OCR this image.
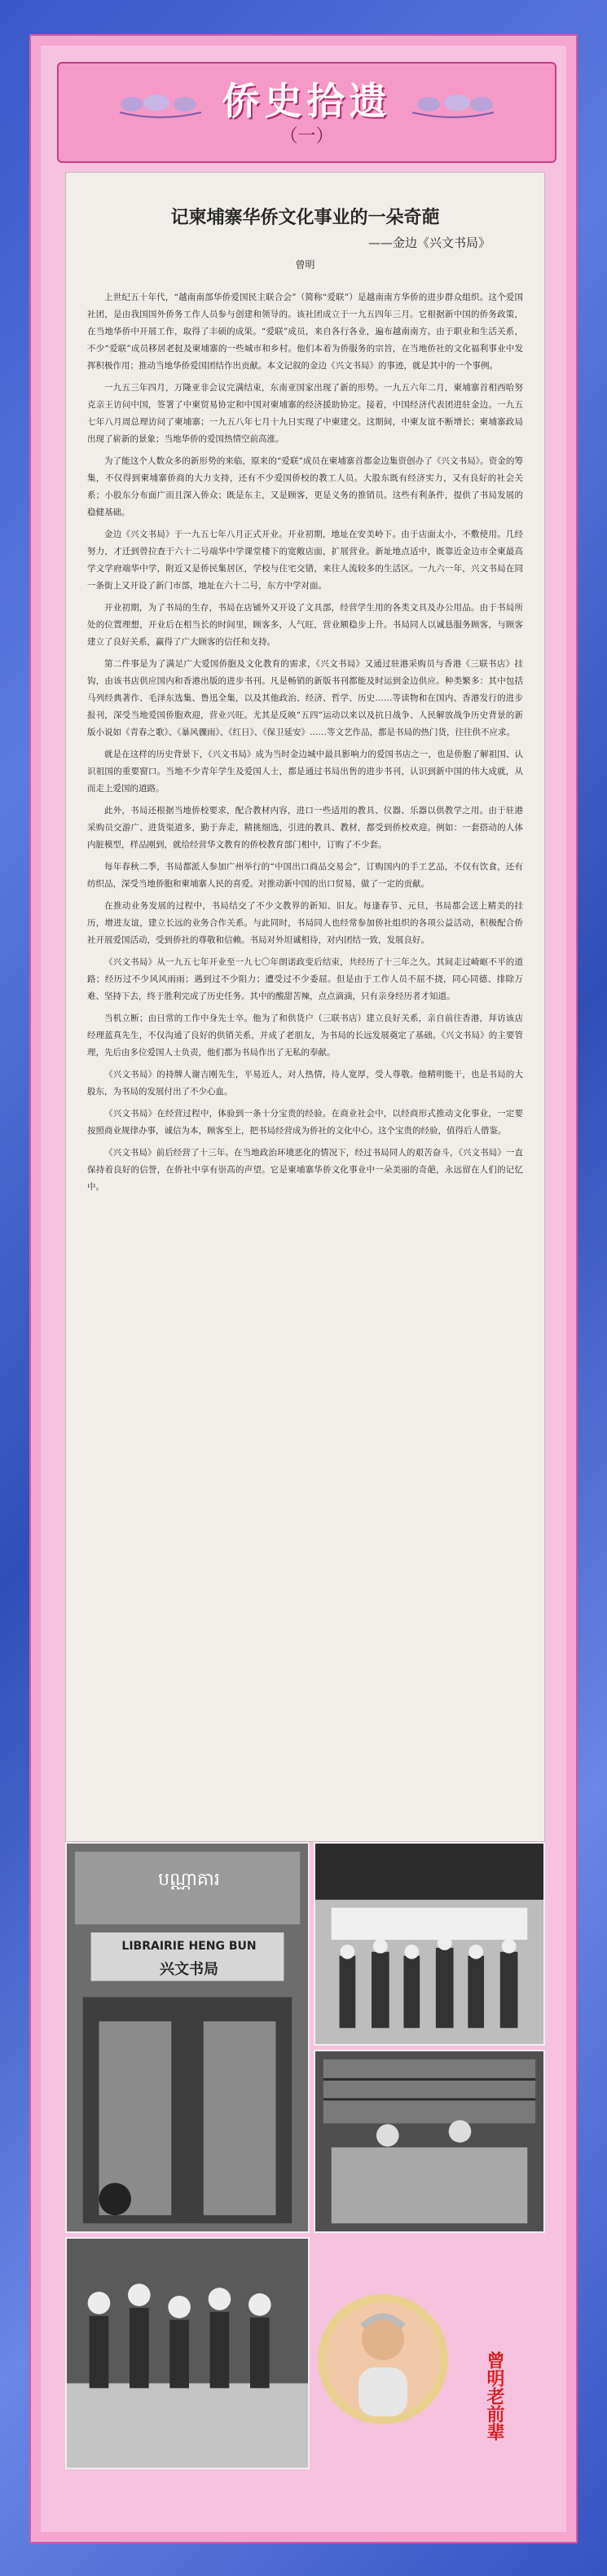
侨史拾遗
（一）
记柬埔寨华侨文化事业的一朵奇葩
——金边《兴文书局》
曾明

上世纪五十年代，“越南南部华侨爱国民主联合会”（简称“爱联”）是越南南方华侨的进步群众组织。这个爱国社团，是由我国国外侨务工作人员参与创建和领导的。该社团成立于一九五四年三月。它根据新中国的侨务政策，在当地华侨中开展工作，取得了丰硕的成果。“爱联”成员，来自各行各业，遍布越南南方。由于职业和生活关系，不少“爱联”成员移居老挝及柬埔寨的一些城市和乡村。他们本着为侨服务的宗旨，在当地侨社的文化福利事业中发挥积极作用；推动当地华侨爱国团结作出贡献。本文记叙的金边《兴文书局》的事迹，就是其中的一个事例。

一九五三年四月，万隆亚非会议完满结束，东南亚国家出现了新的形势。一九五六年二月，柬埔寨首相西哈努克亲王访问中国，签署了中柬贸易协定和中国对柬埔寨的经济援助协定。接着，中国经济代表团进驻金边。一九五七年八月周总理访问了柬埔寨；一九五八年七月十九日实现了中柬建交。这期间，中柬友谊不断增长；柬埔寨政局出现了崭新的景象；当地华侨的爱国热情空前高涨。

为了能这个人数众多的新形势的来临，原来的“爱联”成员在柬埔寨首都金边集资创办了《兴文书局》。资金的筹集，不仅得到柬埔寨侨商的大力支持，还有不少爱国侨校的教工人员。大股东既有经济实力，又有良好的社会关系；小股东分布面广而且深入侨众；既是东主，又是顾客，更是义务的推销员。这些有利条件，提供了书局发展的稳健基础。

金边《兴文书局》于一九五七年八月正式开业。开业初期，地址在安美岭下。由于店面太小，不敷使用。几经努力，才迁到曾拉查于六十二号端华中学课堂楼下的宽敞店面，扩展营业。新址地点适中，既靠近金边市全柬最高学文学府端华中学，附近又是侨民集居区，学校与住宅交错，来往人流较多的生活区。一九六一年，兴文书局在同一条街上又开设了新门市部，地址在六十二号，东方中学对面。

开业初期，为了书局的生存，书局在店铺外又开设了文具部，经营学生用的各类文具及办公用品。由于书局所处的位置理想，开业后在相当长的时间里，顾客多，人气旺，营业额稳步上升。书局同人以诚恳服务顾客，与顾客建立了良好关系，赢得了广大顾客的信任和支持。

第二件事是为了满足广大爱国侨胞及文化教育的需求，《兴文书局》又通过驻港采购员与香港《三联书店》挂钩，由该书店供应国内和香港出版的进步书刊。凡是畅销的新版书刊都能及时运到金边供应。种类繁多：其中包括马列经典著作、毛泽东选集、鲁迅全集，以及其他政治、经济、哲学、历史……等读物和在国内、香港发行的进步报刊，深受当地爱国侨胞欢迎，营业兴旺。尤其是反映“五四”运动以来以及抗日战争、人民解放战争历史背景的新版小说如《青春之歌》、《暴风骤雨》、《红日》、《保卫延安》……等文艺作品，都是书局的热门货，往往供不应求。

就是在这样的历史背景下，《兴文书局》成为当时金边城中最具影响力的爱国书店之一，也是侨胞了解祖国、认识祖国的重要窗口。当地不少青年学生及爱国人士，都是通过书局出售的进步书刊，认识到新中国的伟大成就，从而走上爱国的道路。

此外，书局还根据当地侨校要求，配合教材内容，进口一些适用的教具、仪器、乐器以供教学之用。由于驻港采购员交游广、进货渠道多，勤于奔走，精挑细选，引进的教具、教材，都受到侨校欢迎。例如：一套搭动的人体内脏模型，样品刚到，就给经营华文教育的侨校教育部门相中，订购了不少套。

每年春秋二季，书局都派人参加广州举行的“中国出口商品交易会”，订购国内的手工艺品，不仅有饮食，还有纺织品，深受当地侨胞和柬埔寨人民的喜爱。对推动新中国的出口贸易，做了一定的贡献。

在推动业务发展的过程中，书局结交了不少文教界的新知、旧友。每逢春节、元旦，书局都会送上精美的挂历，增进友谊，建立长远的业务合作关系。与此同时，书局同人也经常参加侨社组织的各项公益活动，积极配合侨社开展爱国活动，受到侨社的尊敬和信赖。书局对外坦诚相待，对内团结一致，发展良好。

《兴文书局》从一九五七年开业至一九七〇年朗诺政变后结束，共经历了十三年之久。其间走过崎岖不平的道路；经历过不少风风雨雨；遇到过不少阻力；遭受过不少委屈。但是由于工作人员不屈不挠，同心同德、排除万难、坚持下去，终于胜利完成了历史任务。其中的酸甜苦辣，点点滴滴，只有亲身经历者才知道。

当机立断；由日常的工作中身先士卒。他为了和供货户（三联书店）建立良好关系，亲自前往香港，拜访该店经理蓝真先生，不仅沟通了良好的供销关系，并成了老朋友，为书局的长远发展奠定了基础。《兴文书局》的主要管理，先后由多位爱国人士负责，他们都为书局作出了无私的奉献。

《兴文书局》的持牌人谢吉刚先生，平易近人，对人热情，待人宽厚，受人尊敬。他精明能干，也是书局的大股东，为书局的发展付出了不少心血。

《兴文书局》在经营过程中，体验到一条十分宝贵的经验。在商业社会中，以经商形式推动文化事业，一定要按照商业规律办事，诚信为本，顾客至上，把书局经营成为侨社的文化中心。这个宝贵的经验，值得后人借鉴。

《兴文书局》前后经营了十三年。在当地政治环境恶化的情况下，经过书局同人的艰苦奋斗，《兴文书局》一直保持着良好的信誉，在侨社中享有崇高的声望。它是柬埔寨华侨文化事业中一朵美丽的奇葩，永远留在人们的记忆中。

បណ្ណាគារ
LIBRAIRIE HENG BUN
兴文书局
曾明老前辈
